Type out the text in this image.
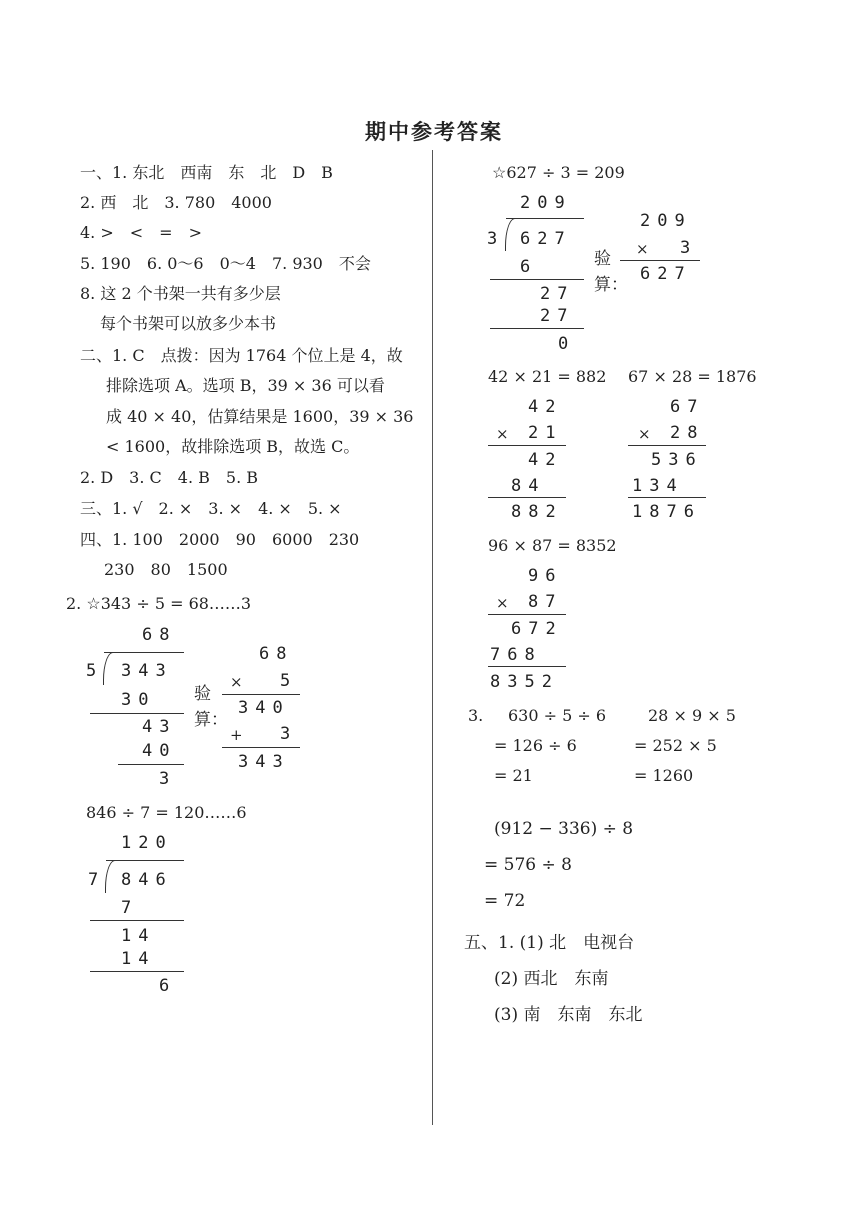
期中参考答案
一、1. 东北　西南　东　北　D　B
2. 西　北　3. 780　4000
4. >　<　=　>
5. 190　6. 0～6　0～4　7. 930　不会
8. 这 2 个书架一共有多少层
每个书架可以放多少本书
二、1. C　点拨：因为 1764 个位上是 4，故
排除选项 A。选项 B，39 × 36 可以看
成 40 × 40，估算结果是 1600，39 × 36
< 1600，故排除选项 B，故选 C。
2. D　3. C　4. B　5. B
三、1. √　2. ×　3. ×　4. ×　5. ×
四、1. 100　2000　90　6000　230
230　80　1500
2. ☆343 ÷ 5 = 68……3
68
5 343
30
43
40
3
验
算：
68
× 5
340
+ 3
343
846 ÷ 7 = 120……6
120
7 846
7
14
14
6
☆627 ÷ 3 = 209
209
3 627
6
27
27
0
验
算：
209
× 3
627
42 × 21 = 882
42
× 21
42
84
882
67 × 28 = 1876
67
× 28
536
134
1876
96 × 87 = 8352
96
× 87
672
768
8352
3. 630 ÷ 5 ÷ 6
= 126 ÷ 6
= 21
28 × 9 × 5
= 252 × 5
= 1260
(912 − 336) ÷ 8
= 576 ÷ 8
= 72
五、1. (1) 北　电视台
(2) 西北　东南
(3) 南　东南　东北
